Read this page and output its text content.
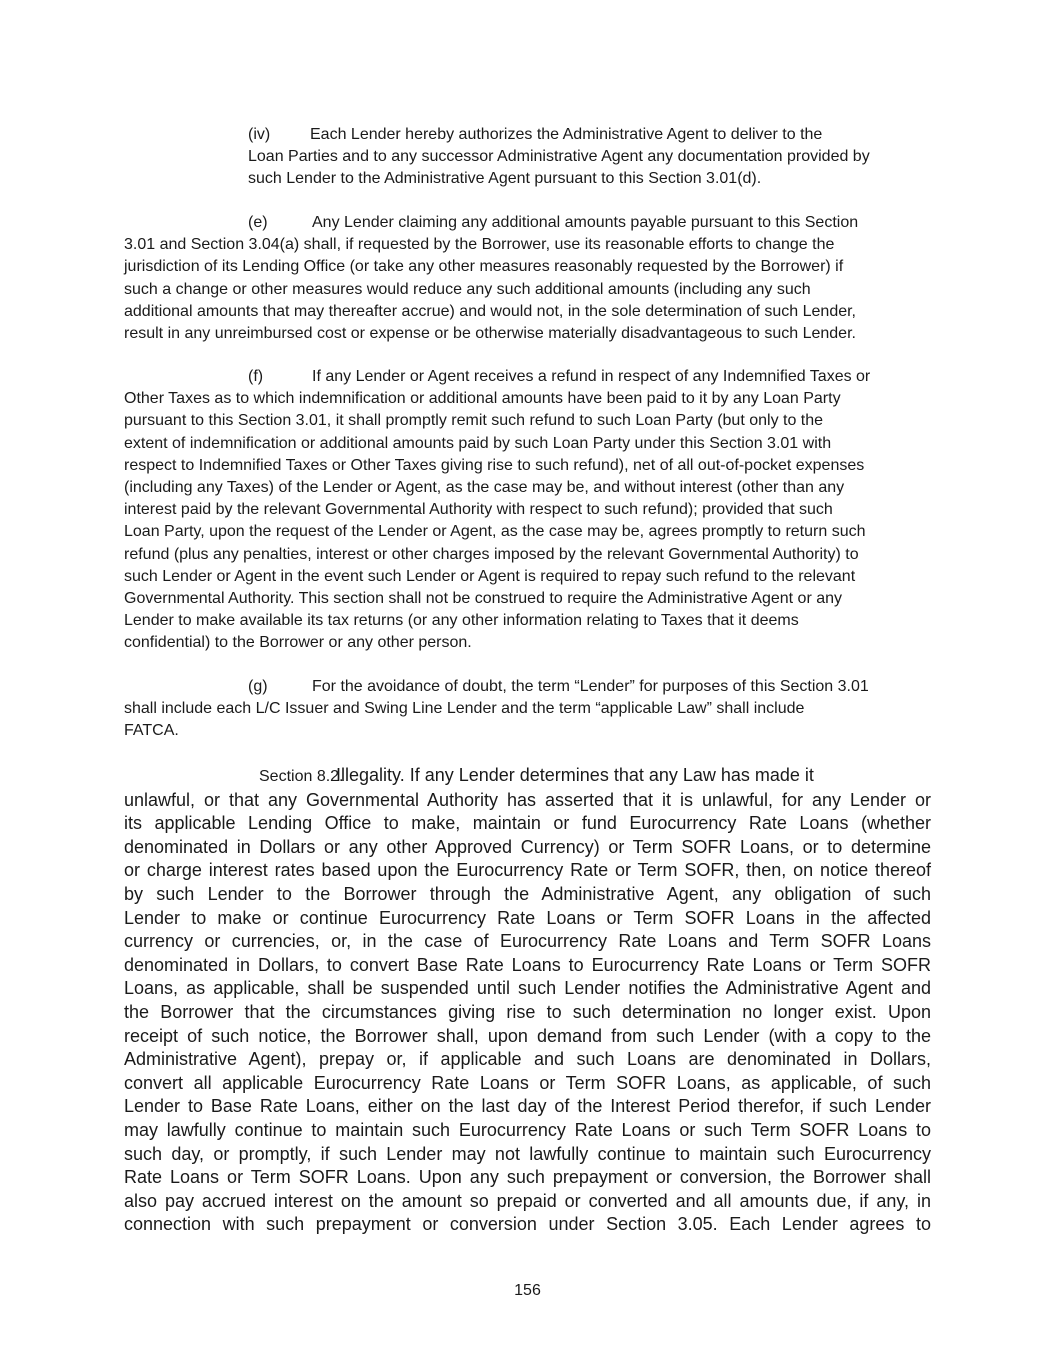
(iv) Each Lender hereby authorizes the Administrative Agent to deliver to the
Loan Parties and to any successor Administrative Agent any documentation provided by
such Lender to the Administrative Agent pursuant to this Section 3.01(d).
(e)	Any Lender claiming any additional amounts payable pursuant to this Section
3.01 and Section 3.04(a) shall, if requested by the Borrower, use its reasonable efforts to change the
jurisdiction of its Lending Office (or take any other measures reasonably requested by the Borrower) if
such a change or other measures would reduce any such additional amounts (including any such
additional amounts that may thereafter accrue) and would not, in the sole determination of such Lender,
result in any unreimbursed cost or expense or be otherwise materially disadvantageous to such Lender.
(f)	If any Lender or Agent receives a refund in respect of any Indemnified Taxes or
Other Taxes as to which indemnification or additional amounts have been paid to it by any Loan Party
pursuant to this Section 3.01, it shall promptly remit such refund to such Loan Party (but only to the
extent of indemnification or additional amounts paid by such Loan Party under this Section 3.01 with
respect to Indemnified Taxes or Other Taxes giving rise to such refund), net of all out-of-pocket expenses
(including any Taxes) of the Lender or Agent, as the case may be, and without interest (other than any
interest paid by the relevant Governmental Authority with respect to such refund); provided that such
Loan Party, upon the request of the Lender or Agent, as the case may be, agrees promptly to return such
refund (plus any penalties, interest or other charges imposed by the relevant Governmental Authority) to
such Lender or Agent in the event such Lender or Agent is required to repay such refund to the relevant
Governmental Authority. This section shall not be construed to require the Administrative Agent or any
Lender to make available its tax returns (or any other information relating to Taxes that it deems
confidential) to the Borrower or any other person.
(g)	For the avoidance of doubt, the term “Lender” for purposes of this Section 3.01
shall include each L/C Issuer and Swing Line Lender and the term “applicable Law” shall include
FATCA.
Section 8.2.Illegality. If any Lender determines that any Law has made it
unlawful, or that any Governmental Authority has asserted that it is unlawful, for any Lender or
its applicable Lending Office to make, maintain or fund Eurocurrency Rate Loans (whether
denominated in Dollars or any other Approved Currency) or Term SOFR Loans, or to determine
or charge interest rates based upon the Eurocurrency Rate or Term SOFR, then, on notice thereof
by such Lender to the Borrower through the Administrative Agent, any obligation of such
Lender to make or continue Eurocurrency Rate Loans or Term SOFR Loans in the affected
currency or currencies, or, in the case of Eurocurrency Rate Loans and Term SOFR Loans
denominated in Dollars, to convert Base Rate Loans to Eurocurrency Rate Loans or Term SOFR
Loans, as applicable, shall be suspended until such Lender notifies the Administrative Agent and
the Borrower that the circumstances giving rise to such determination no longer exist. Upon
receipt of such notice, the Borrower shall, upon demand from such Lender (with a copy to the
Administrative Agent), prepay or, if applicable and such Loans are denominated in Dollars,
convert all applicable Eurocurrency Rate Loans or Term SOFR Loans, as applicable, of such
Lender to Base Rate Loans, either on the last day of the Interest Period therefor, if such Lender
may lawfully continue to maintain such Eurocurrency Rate Loans or such Term SOFR Loans to
such day, or promptly, if such Lender may not lawfully continue to maintain such Eurocurrency
Rate Loans or Term SOFR Loans. Upon any such prepayment or conversion, the Borrower shall
also pay accrued interest on the amount so prepaid or converted and all amounts due, if any, in
connection with such prepayment or conversion under Section 3.05. Each Lender agrees to
156
